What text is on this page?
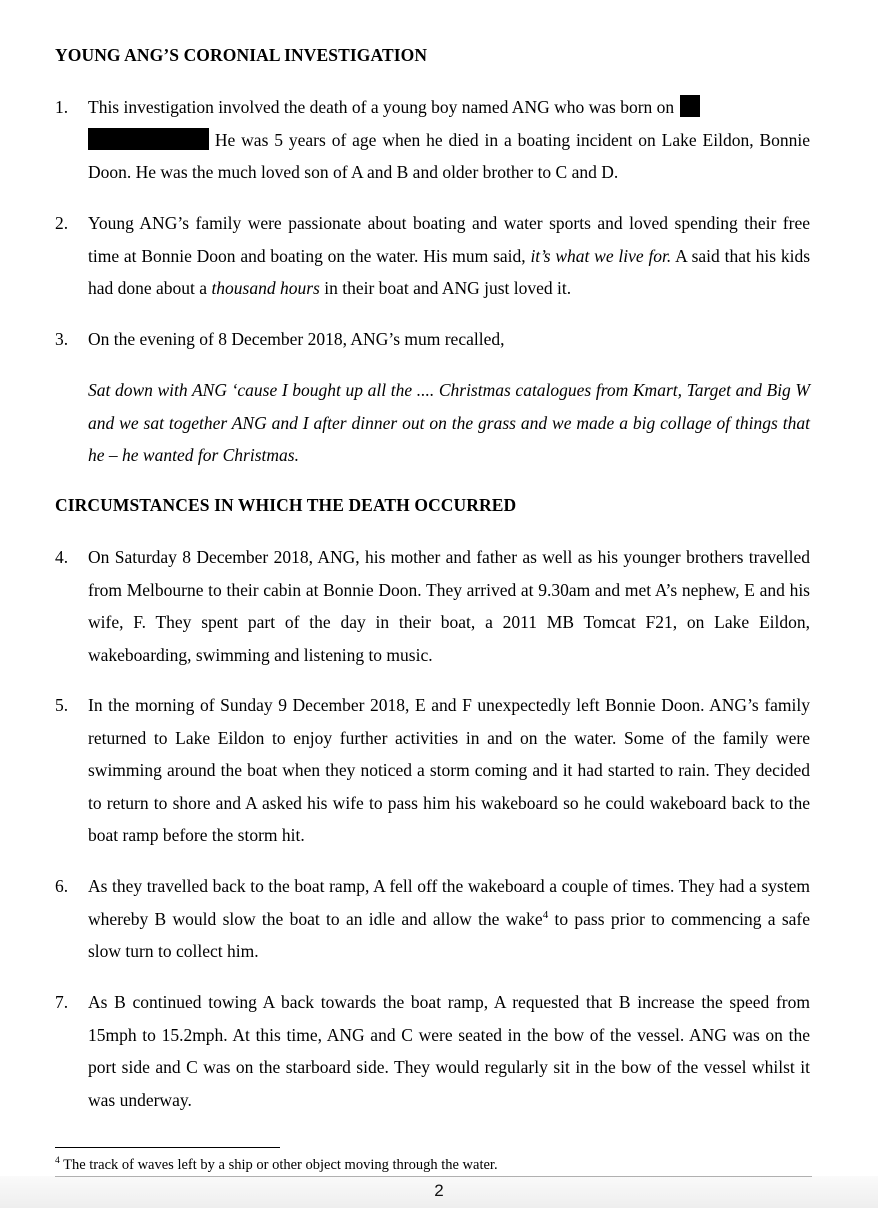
YOUNG ANG’S CORONIAL INVESTIGATION
1. This investigation involved the death of a young boy named ANG who was born on
He was 5 years of age when he died in a boating incident on Lake Eildon, Bonnie Doon. He was the much loved son of A and B and older brother to C and D.
2. Young ANG’s family were passionate about boating and water sports and loved spending their free time at Bonnie Doon and boating on the water. His mum said, it’s what we live for. A said that his kids had done about a thousand hours in their boat and ANG just loved it.
3. On the evening of 8 December 2018, ANG’s mum recalled,
Sat down with ANG ‘cause I bought up all the .... Christmas catalogues from Kmart, Target and Big W and we sat together ANG and I after dinner out on the grass and we made a big collage of things that he – he wanted for Christmas.
CIRCUMSTANCES IN WHICH THE DEATH OCCURRED
4. On Saturday 8 December 2018, ANG, his mother and father as well as his younger brothers travelled from Melbourne to their cabin at Bonnie Doon. They arrived at 9.30am and met A’s nephew, E and his wife, F. They spent part of the day in their boat, a 2011 MB Tomcat F21, on Lake Eildon, wakeboarding, swimming and listening to music.
5. In the morning of Sunday 9 December 2018, E and F unexpectedly left Bonnie Doon. ANG’s family returned to Lake Eildon to enjoy further activities in and on the water. Some of the family were swimming around the boat when they noticed a storm coming and it had started to rain. They decided to return to shore and A asked his wife to pass him his wakeboard so he could wakeboard back to the boat ramp before the storm hit.
6. As they travelled back to the boat ramp, A fell off the wakeboard a couple of times. They had a system whereby B would slow the boat to an idle and allow the wake$^4$ to pass prior to commencing a safe slow turn to collect him.
7. As B continued towing A back towards the boat ramp, A requested that B increase the speed from 15mph to 15.2mph. At this time, ANG and C were seated in the bow of the vessel. ANG was on the port side and C was on the starboard side. They would regularly sit in the bow of the vessel whilst it was underway.
$^4$ The track of waves left by a ship or other object moving through the water.
2
